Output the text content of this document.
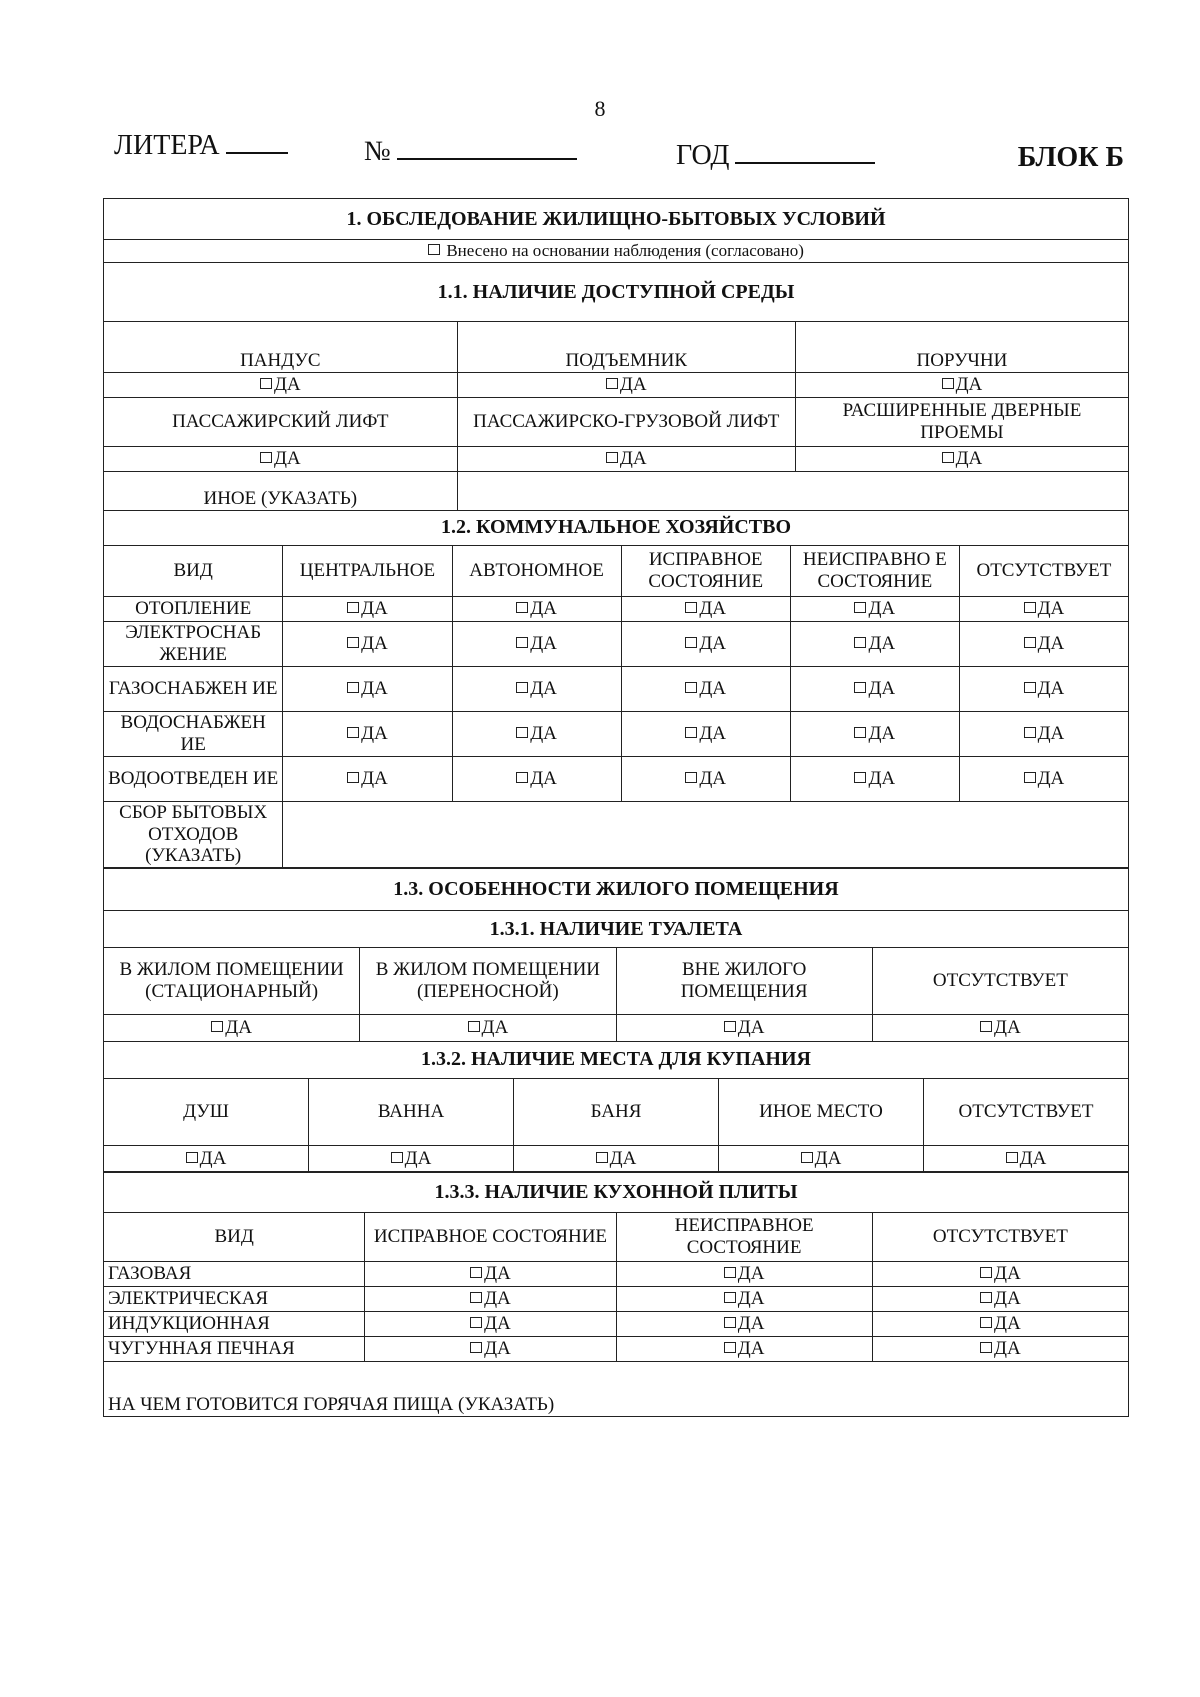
8
ЛИТЕРА	№	ГОД	БЛОК Б
1. ОБСЛЕДОВАНИЕ ЖИЛИЩНО-БЫТОВЫХ УСЛОВИЙ		
Внесено на основании наблюдения (согласовано)		
1.1. НАЛИЧИЕ ДОСТУПНОЙ СРЕДЫ		
ПАНДУС	ПОДЪЕМНИК	ПОРУЧНИ
ДА	ДА	ДА
ПАССАЖИРСКИЙ ЛИФТ	ПАССАЖИРСКО-ГРУЗОВОЙ ЛИФТ	РАСШИРЕННЫЕ ДВЕРНЫЕ ПРОЕМЫ
ДА	ДА	ДА
ИНОЕ (УКАЗАТЬ)		
1.2. КОММУНАЛЬНОЕ ХОЗЯЙСТВО					
ВИД	ЦЕНТРАЛЬНОЕ	АВТОНОМНОЕ	ИСПРАВНОЕ СОСТОЯНИЕ	НЕИСПРАВНО Е СОСТОЯНИЕ	ОТСУТСТВУЕТ
ОТОПЛЕНИЕ	ДА	ДА	ДА	ДА	ДА
ЭЛЕКТРОСНАБ ЖЕНИЕ	ДА	ДА	ДА	ДА	ДА
ГАЗОСНАБЖЕН ИЕ	ДА	ДА	ДА	ДА	ДА
ВОДОСНАБЖЕН ИЕ	ДА	ДА	ДА	ДА	ДА
ВОДООТВЕДЕН ИЕ	ДА	ДА	ДА	ДА	ДА
СБОР БЫТОВЫХ ОТХОДОВ (УКАЗАТЬ)					
1.3. ОСОБЕННОСТИ ЖИЛОГО ПОМЕЩЕНИЯ			
1.3.1. НАЛИЧИЕ ТУАЛЕТА			
В ЖИЛОМ ПОМЕЩЕНИИ (СТАЦИОНАРНЫЙ)	В ЖИЛОМ ПОМЕЩЕНИИ (ПЕРЕНОСНОЙ)	ВНЕ ЖИЛОГО ПОМЕЩЕНИЯ	ОТСУТСТВУЕТ
ДА	ДА	ДА	ДА
1.3.2. НАЛИЧИЕ МЕСТА ДЛЯ КУПАНИЯ				
ДУШ	ВАННА	БАНЯ	ИНОЕ МЕСТО	ОТСУТСТВУЕТ
ДА	ДА	ДА	ДА	ДА
1.3.3. НАЛИЧИЕ КУХОННОЙ ПЛИТЫ			
ВИД	ИСПРАВНОЕ СОСТОЯНИЕ	НЕИСПРАВНОЕ СОСТОЯНИЕ	ОТСУТСТВУЕТ
ГАЗОВАЯ	ДА	ДА	ДА
ЭЛЕКТРИЧЕСКАЯ	ДА	ДА	ДА
ИНДУКЦИОННАЯ	ДА	ДА	ДА
ЧУГУННАЯ ПЕЧНАЯ	ДА	ДА	ДА
НА ЧЕМ ГОТОВИТСЯ ГОРЯЧАЯ ПИЩА (УКАЗАТЬ)			
